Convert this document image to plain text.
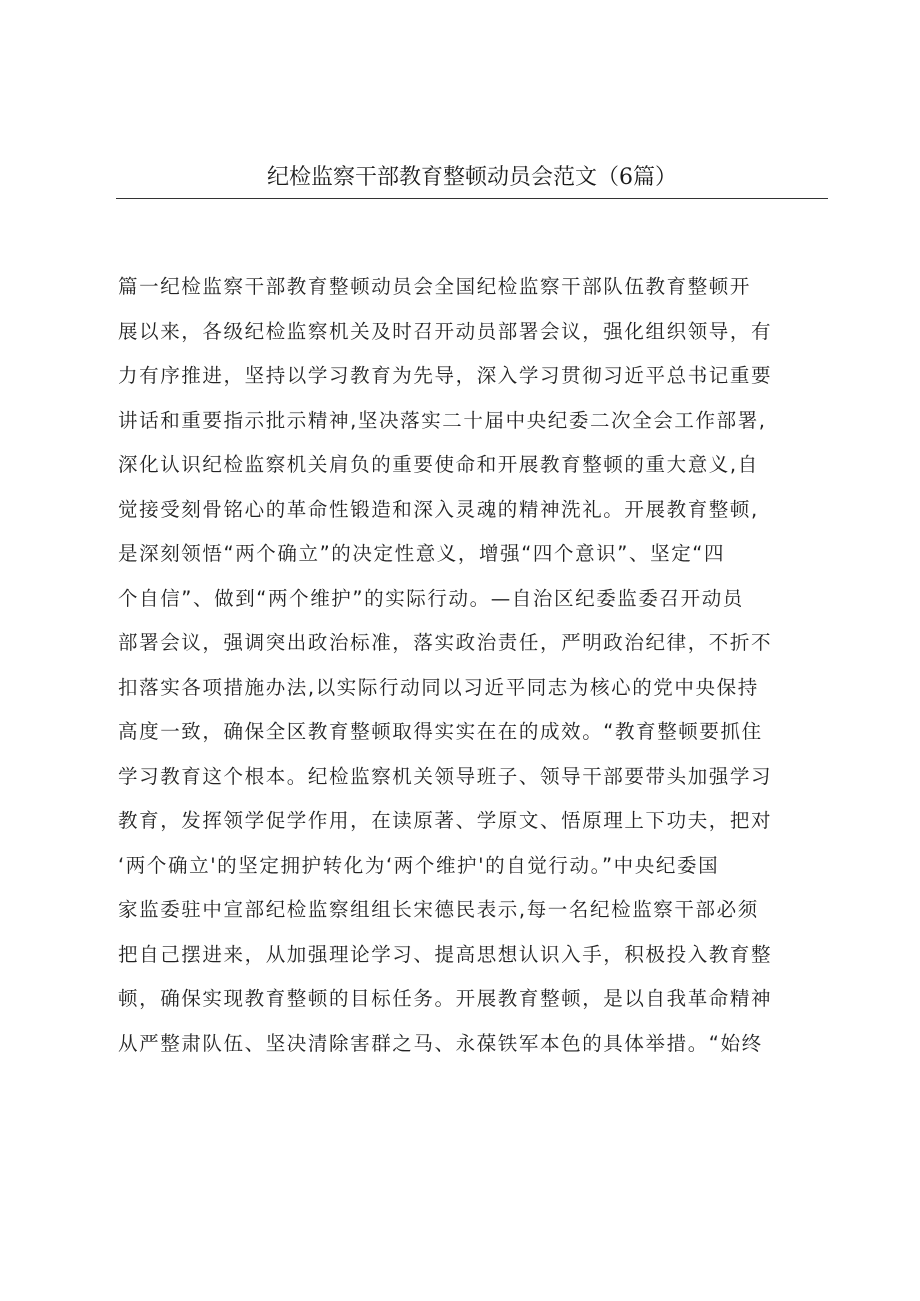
纪检监察干部教育整顿动员会范文（6篇）
篇一纪检监察干部教育整顿动员会全国纪检监察干部队伍教育整顿开
展以来，各级纪检监察机关及时召开动员部署会议，强化组织领导，有
力有序推进，坚持以学习教育为先导，深入学习贯彻习近平总书记重要
讲话和重要指示批示精神,坚决落实二十届中央纪委二次全会工作部署,
深化认识纪检监察机关肩负的重要使命和开展教育整顿的重大意义,自
觉接受刻骨铭心的革命性锻造和深入灵魂的精神洗礼。开展教育整顿,
是深刻领悟“两个确立”的决定性意义，增强“四个意识”、坚定“四
个自信”、做到“两个维护”的实际行动。—自治区纪委监委召开动员
部署会议，强调突出政治标准，落实政治责任，严明政治纪律，不折不
扣落实各项措施办法,以实际行动同以习近平同志为核心的党中央保持
高度一致，确保全区教育整顿取得实实在在的成效。“教育整顿要抓住
学习教育这个根本。纪检监察机关领导班子、领导干部要带头加强学习
教育，发挥领学促学作用，在读原著、学原文、悟原理上下功夫，把对
‘两个确立'的坚定拥护转化为‘两个维护'的自觉行动。”中央纪委国
家监委驻中宣部纪检监察组组长宋德民表示,每一名纪检监察干部必须
把自己摆进来，从加强理论学习、提高思想认识入手，积极投入教育整
顿，确保实现教育整顿的目标任务。开展教育整顿，是以自我革命精神
从严整肃队伍、坚决清除害群之马、永葆铁军本色的具体举措。“始终
